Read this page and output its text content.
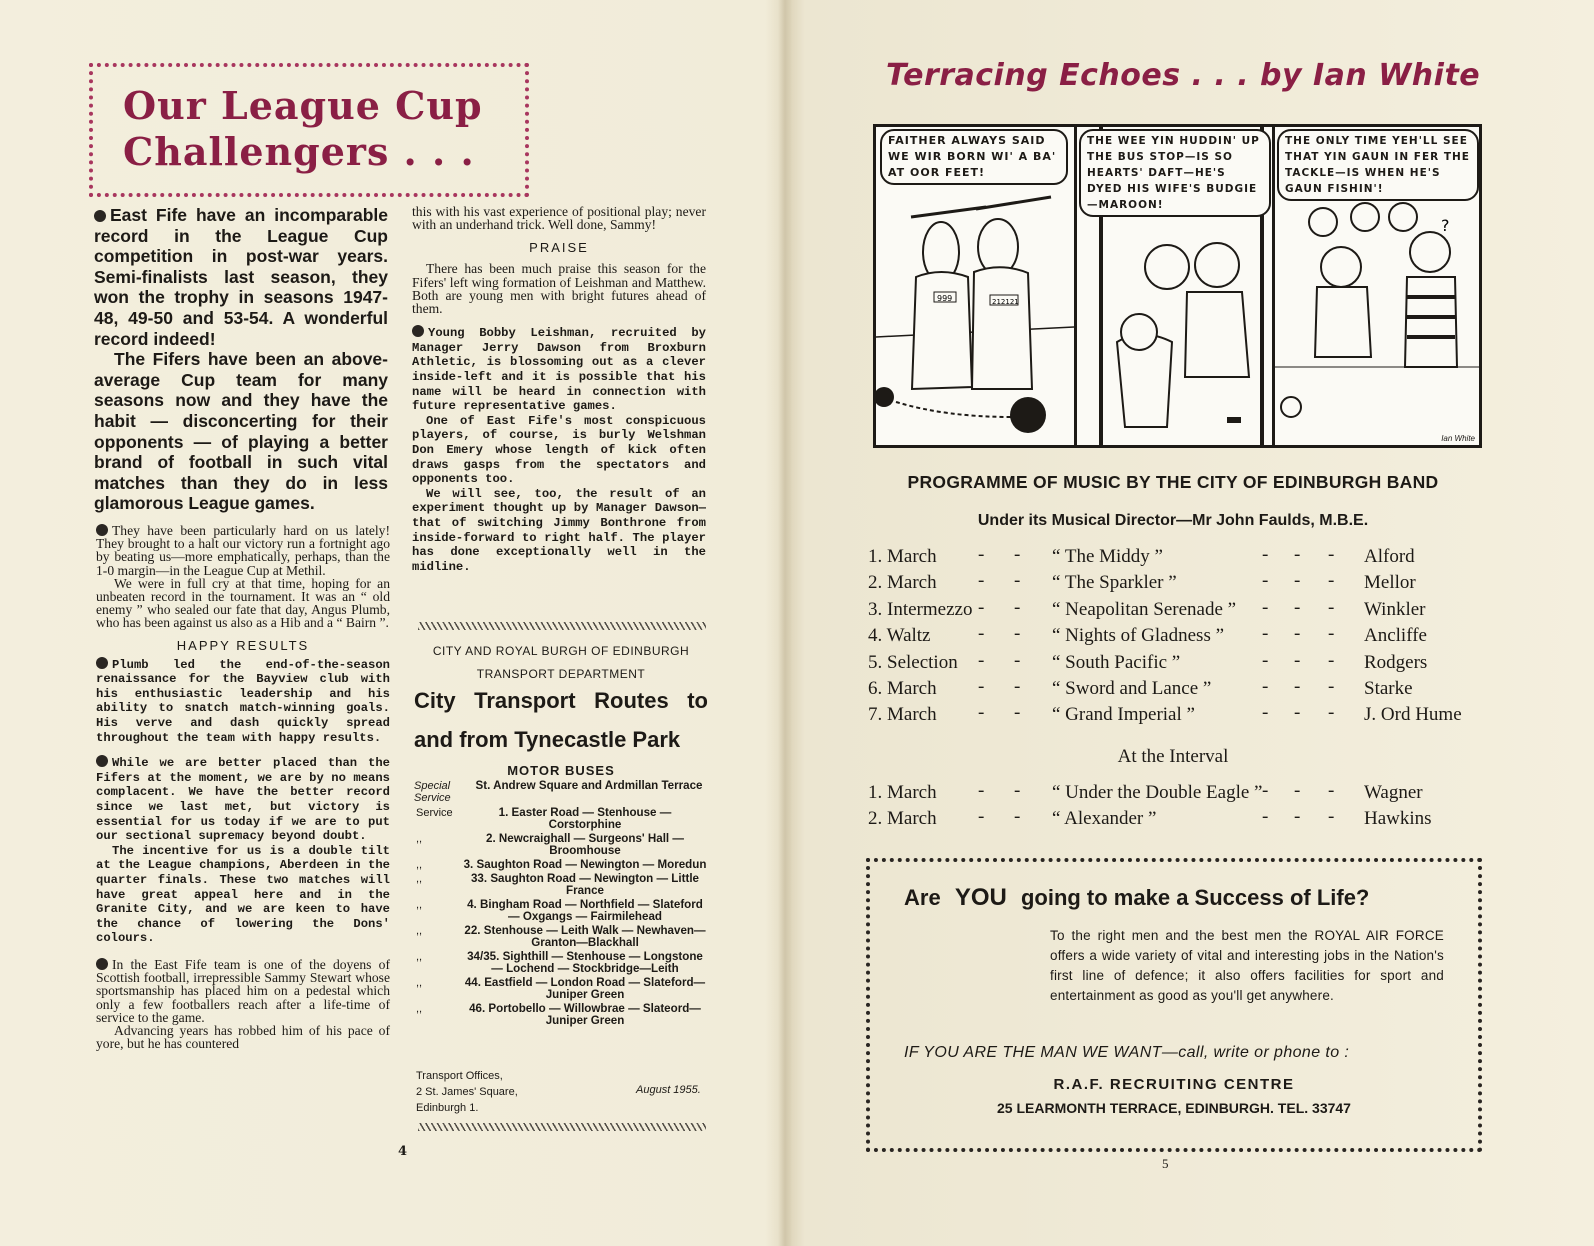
Our League Cup
Challengers . . .

East Fife have an incomparable record in the League Cup competition in post-war years. Semi-finalists last season, they won the trophy in seasons 1947-48, 49-50 and 53-54. A wonderful record indeed!

The Fifers have been an above-average Cup team for many seasons now and they have the habit — disconcerting for their opponents — of playing a better brand of football in such vital matches than they do in less glamorous League games.

They have been particularly hard on us lately! They brought to a halt our victory run a fortnight ago by beating us—more emphatically, perhaps, than the 1-0 margin—in the League Cup at Methil.

We were in full cry at that time, hoping for an unbeaten record in the tournament. It was an “ old enemy ” who sealed our fate that day, Angus Plumb, who has been against us also as a Hib and a “ Bairn ”.

HAPPY RESULTS

Plumb led the end-of-the-season renaissance for the Bayview club with his enthusiastic leadership and his ability to snatch match-winning goals. His verve and dash quickly spread throughout the team with happy results.

While we are better placed than the Fifers at the moment, we are by no means complacent. We have the better record since we last met, but victory is essential for us today if we are to put our sectional supremacy beyond doubt.

The incentive for us is a double tilt at the League champions, Aberdeen in the quarter finals. These two matches will have great appeal here and in the Granite City, and we are keen to have the chance of lowering the Dons' colours.

In the East Fife team is one of the doyens of Scottish football, irrepressible Sammy Stewart whose sportsmanship has placed him on a pedestal which only a few footballers reach after a life-time of service to the game.

Advancing years has robbed him of his pace of yore, but he has countered

this with his vast experience of positional play; never with an underhand trick. Well done, Sammy!

PRAISE

There has been much praise this season for the Fifers' left wing formation of Leishman and Matthew. Both are young men with bright futures ahead of them.

Young Bobby Leishman, recruited by Manager Jerry Dawson from Broxburn Athletic, is blossoming out as a clever inside-left and it is possible that his name will be heard in connection with future representative games.

One of East Fife's most conspicuous players, of course, is burly Welshman Don Emery whose length of kick often draws gasps from the spectators and opponents too.

We will see, too, the result of an experiment thought up by Manager Dawson—that of switching Jimmy Bonthrone from inside-forward to right half. The player has done exceptionally well in the midline.

CITY AND ROYAL BURGH OF EDINBURGH
TRANSPORT DEPARTMENT
City Transport Routes to
and from Tynecastle Park
MOTOR BUSES
Special Service
St. Andrew Square and Ardmillan Terrace
Service	1. Easter Road — Stenhouse — Corstorphine
,,	2. Newcraighall — Surgeons' Hall —Broomhouse
,,	3. Saughton Road — Newington — Moredun
,,	33. Saughton Road — Newington — Little France
,,	4. Bingham Road — Northfield — Slateford— Oxgangs — Fairmilehead
,,	22. Stenhouse — Leith Walk — Newhaven—Granton—Blackhall
,,	34/35. Sighthill — Stenhouse — Longstone — Lochend — Stockbridge—Leith
,,	44. Eastfield — London Road — Slateford—Juniper Green
,,	46. Portobello — Willowbrae — Slateord—Juniper Green
Transport Offices,
2 St. James' Square,
Edinburgh 1.
August 1955.
4
Terracing Echoes . . . by Ian White
FAITHER ALWAYS SAID WE WIR BORN WI' A BA' AT OOR FEET!
999	212121
THE WEE YIN HUDDIN' UP THE BUS STOP—IS SO HEARTS' DAFT—HE'S DYED HIS WIFE'S BUDGIE—MAROON!
?
THE ONLY TIME YEH'LL SEE THAT YIN GAUN IN FER THE TACKLE—IS WHEN HE'S GAUN FISHIN'!
Ian White
PROGRAMME OF MUSIC BY THE CITY OF EDINBURGH BAND
Under its Musical Director—Mr John Faulds, M.B.E.
1. March	“ The Middy ”	Alford
- -	- - -
2. March	“ The Sparkler ”	Mellor
- -	- - -
3. Intermezzo	“ Neapolitan Serenade ”	Winkler
- -	- - -
4. Waltz	“ Nights of Gladness ”	Ancliffe
- -	- - -
5. Selection	“ South Pacific ”	Rodgers
- -	- - -
6. March	“ Sword and Lance ”	Starke
- -	- - -
7. March	“ Grand Imperial ”	J. Ord Hume
- -	- - -
At the Interval
1. March	“ Under the Double Eagle ”	Wagner
- -	- - -
2. March	“ Alexander ”	Hawkins
- -	- - -
Are YOU going to make a Success of Life?
To the right men and the best men the ROYAL AIR FORCE offers a wide variety of vital and interesting jobs in the Nation's first line of defence; it also offers facilities for sport and entertainment as good as you'll get anywhere.
IF YOU ARE THE MAN WE WANT—call, write or phone to :
R.A.F. RECRUITING CENTRE
25 LEARMONTH TERRACE, EDINBURGH. TEL. 33747
5
